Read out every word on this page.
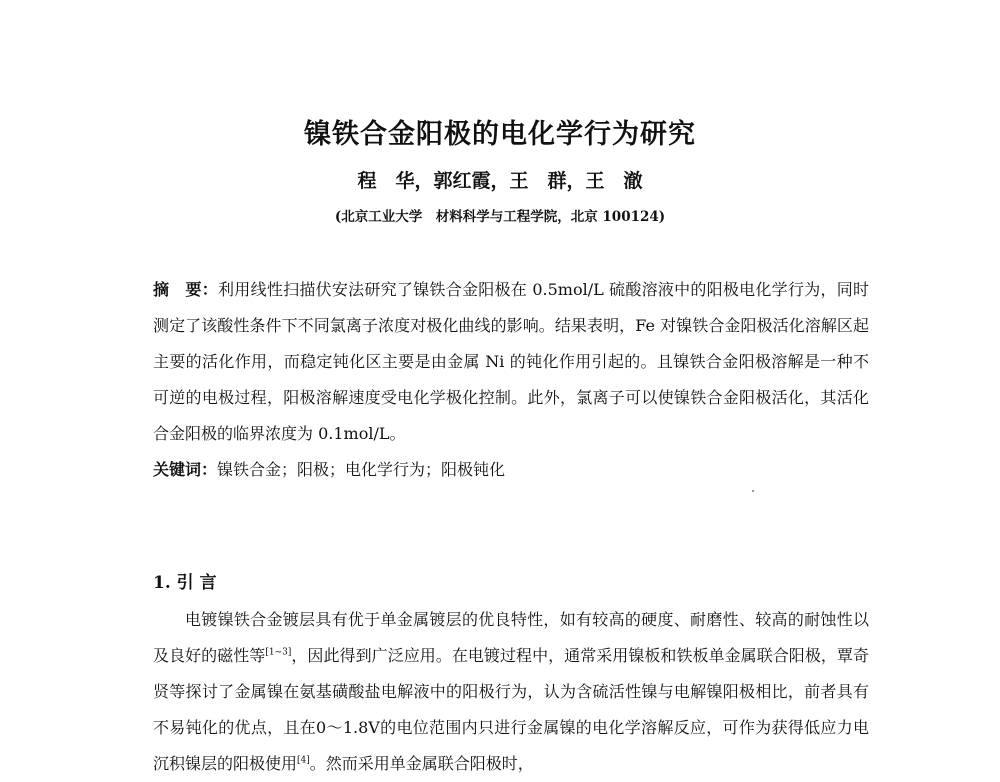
镍铁合金阳极的电化学行为研究
程　华，郭红霞，王　群，王　澈
(北京工业大学　材料科学与工程学院，北京 100124)
摘　要：利用线性扫描伏安法研究了镍铁合金阳极在 0.5mol/L 硫酸溶液中的阳极电化学行为，同时测定了该酸性条件下不同氯离子浓度对极化曲线的影响。结果表明，Fe 对镍铁合金阳极活化溶解区起主要的活化作用，而稳定钝化区主要是由金属 Ni 的钝化作用引起的。且镍铁合金阳极溶解是一种不可逆的电极过程，阳极溶解速度受电化学极化控制。此外，氯离子可以使镍铁合金阳极活化，其活化合金阳极的临界浓度为 0.1mol/L。
关键词：镍铁合金；阳极；电化学行为；阳极钝化
1. 引 言
电镀镍铁合金镀层具有优于单金属镀层的优良特性，如有较高的硬度、耐磨性、较高的耐蚀性以及良好的磁性等[1~3]，因此得到广泛应用。在电镀过程中，通常采用镍板和铁板单金属联合阳极，覃奇贤等探讨了金属镍在氨基磺酸盐电解液中的阳极行为，认为含硫活性镍与电解镍阳极相比，前者具有不易钝化的优点，且在0～1.8V的电位范围内只进行金属镍的电化学溶解反应，可作为获得低应力电沉积镍层的阳极使用[4]。然而采用单金属联合阳极时，
